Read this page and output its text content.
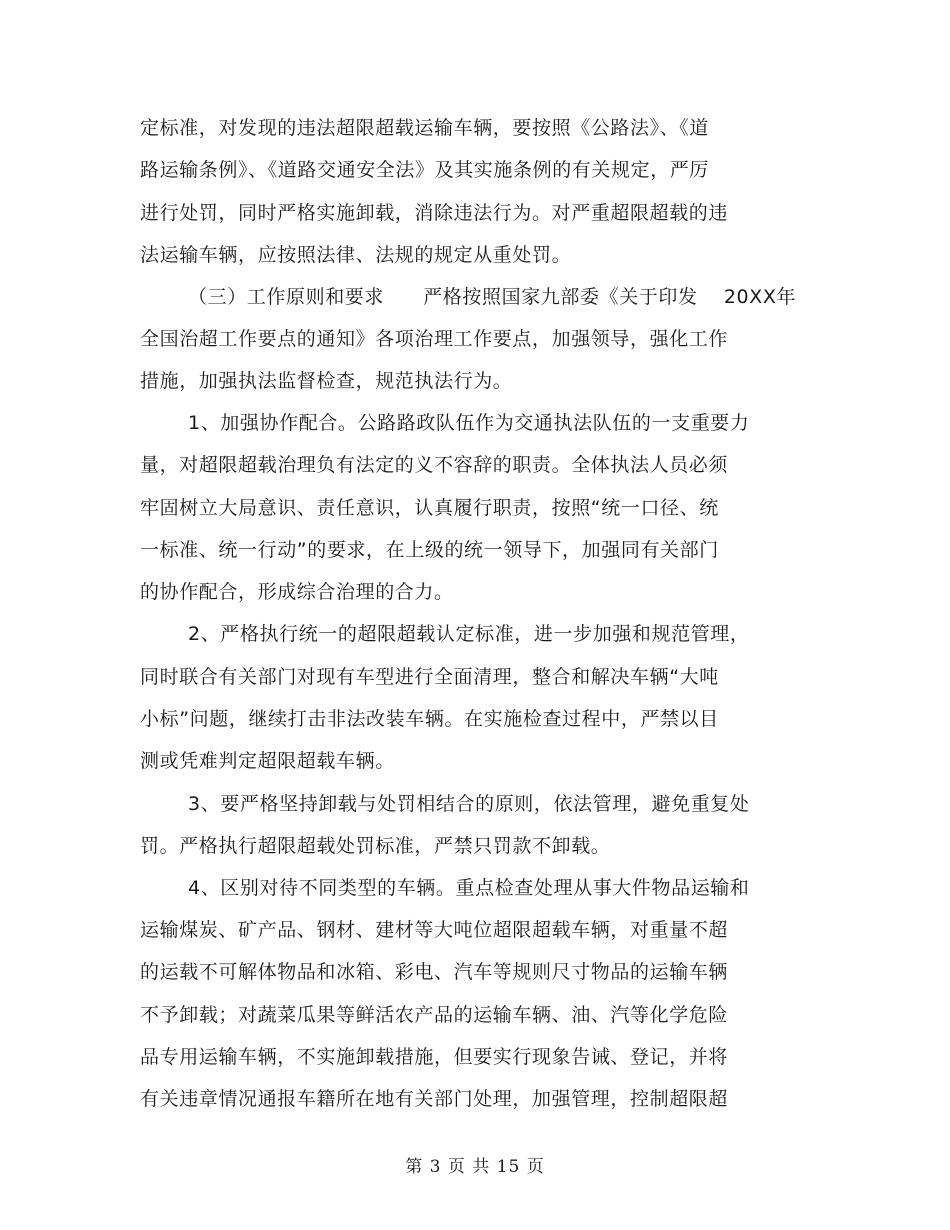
定标准，对发现的违法超限超载运输车辆，要按照《公路法》、《道
路运输条例》、《道路交通安全法》及其实施条例的有关规定，严厉
进行处罚，同时严格实施卸载，消除违法行为。对严重超限超载的违
法运输车辆，应按照法律、法规的规定从重处罚。
（三）工作原则和要求　　严格按照国家九部委《关于印发　 20XX年
全国治超工作要点的通知》各项治理工作要点，加强领导，强化工作
措施，加强执法监督检查，规范执法行为。
1、加强协作配合。公路路政队伍作为交通执法队伍的一支重要力
量，对超限超载治理负有法定的义不容辞的职责。全体执法人员必须
牢固树立大局意识、责任意识，认真履行职责，按照“统一口径、统
一标准、统一行动”的要求，在上级的统一领导下，加强同有关部门
的协作配合，形成综合治理的合力。
2、严格执行统一的超限超载认定标准，进一步加强和规范管理，
同时联合有关部门对现有车型进行全面清理，整合和解决车辆“大吨
小标”问题，继续打击非法改装车辆。在实施检查过程中，严禁以目
测或凭难判定超限超载车辆。
3、要严格坚持卸载与处罚相结合的原则，依法管理，避免重复处
罚。严格执行超限超载处罚标准，严禁只罚款不卸载。
4、区别对待不同类型的车辆。重点检查处理从事大件物品运输和
运输煤炭、矿产品、钢材、建材等大吨位超限超载车辆，对重量不超
的运载不可解体物品和冰箱、彩电、汽车等规则尺寸物品的运输车辆
不予卸载；对蔬菜瓜果等鲜活农产品的运输车辆、油、汽等化学危险
品专用运输车辆，不实施卸载措施，但要实行现象告诫、登记，并将
有关违章情况通报车籍所在地有关部门处理，加强管理，控制超限超
第 3 页 共 15 页
